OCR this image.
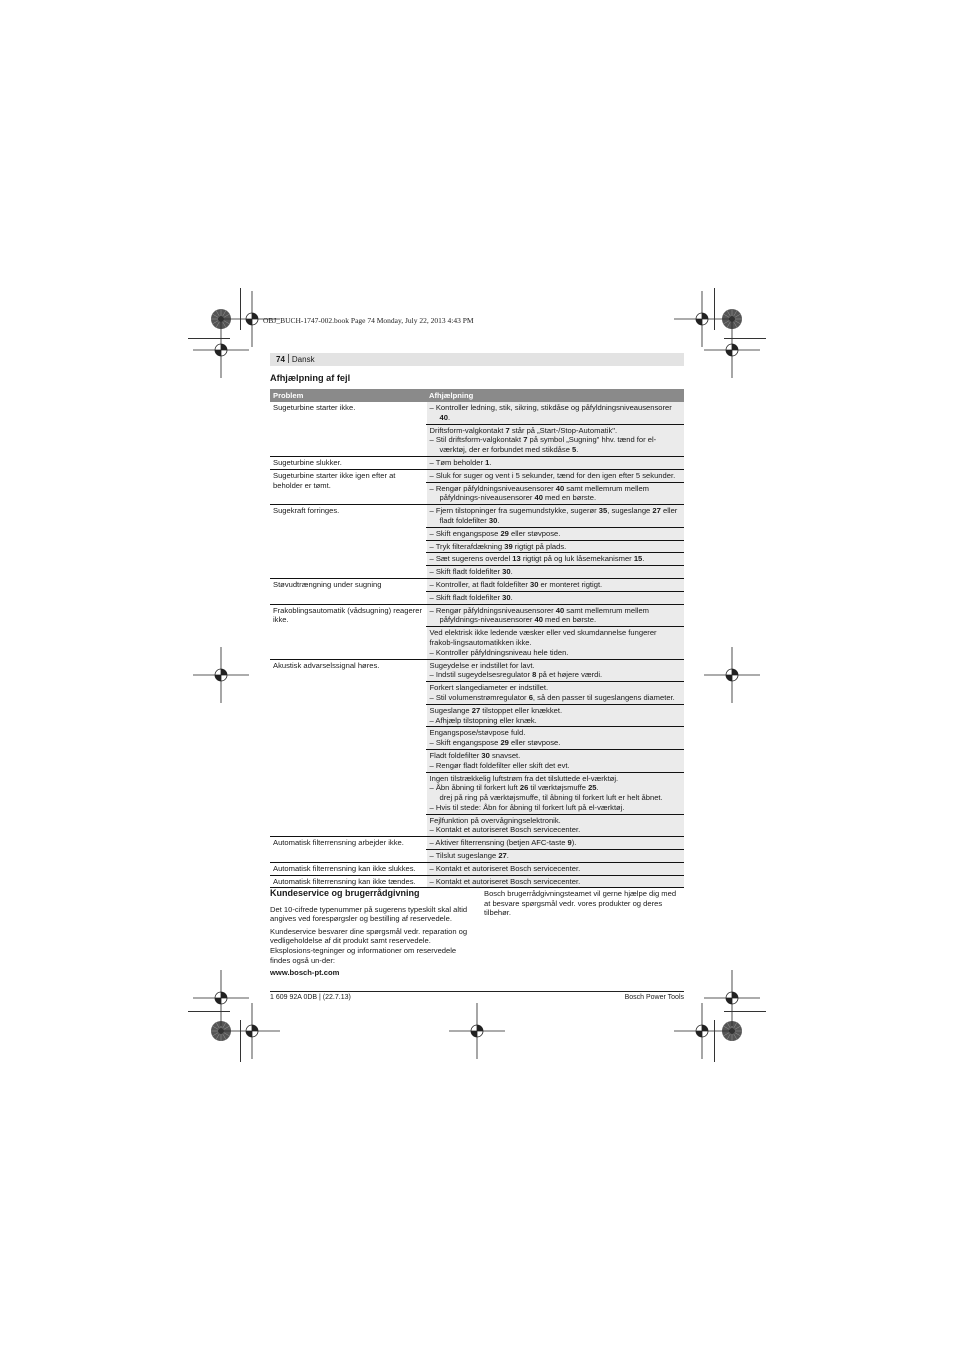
OBJ_BUCH-1747-002.book Page 74 Monday, July 22, 2013 4:43 PM
74 Dansk
Afhjælpning af fejl
Problem	Afhjælpning
Sugeturbine starter ikke.	– Kontroller ledning, stik, sikring, stikdåse og påfyldningsniveausensorer 40.

	Driftsform-valgkontakt 7 står på „Start-/Stop-Automatik".
– Stil driftsform-valgkontakt 7 på symbol „Sugning" hhv. tænd for el-værktøj, der er forbundet med stikdåse 5.

Sugeturbine slukker.	– Tøm beholder 1.

Sugeturbine starter ikke igen efter at beholder er tømt.	– Sluk for suger og vent i 5 sekunder, tænd for den igen efter 5 sekunder.

	– Rengør påfyldningsniveausensorer 40 samt mellemrum mellem påfyldnings-niveausensorer 40 med en børste.

Sugekraft forringes.	– Fjern tilstopninger fra sugemundstykke, sugerør 35, sugeslange 27 eller fladt foldefilter 30.

	– Skift engangspose 29 eller støvpose.

	– Tryk filterafdækning 39 rigtigt på plads.

	– Sæt sugerens overdel 13 rigtigt på og luk låsemekanismer 15.

	– Skift fladt foldefilter 30.

Støvudtrængning under sugning	– Kontroller, at fladt foldefilter 30 er monteret rigtigt.

	– Skift fladt foldefilter 30.

Frakoblingsautomatik (vådsugning) reagerer ikke.	– Rengør påfyldningsniveausensorer 40 samt mellemrum mellem påfyldnings-niveausensorer 40 med en børste.

	Ved elektrisk ikke ledende væsker eller ved skumdannelse fungerer frakob-lingsautomatikken ikke.
– Kontroller påfyldningsniveau hele tiden.

Akustisk advarselssignal høres.	Sugeydelse er indstillet for lavt.
– Indstil sugeydelsesregulator 8 på et højere værdi.

	Forkert slangediameter er indstillet.
– Stil volumenstrømregulator 6, så den passer til sugeslangens diameter.

	Sugeslange 27 tilstoppet eller knækket.
– Afhjælp tilstopning eller knæk.

	Engangspose/støvpose fuld.
– Skift engangspose 29 eller støvpose.

	Fladt foldefilter 30 snavset.
– Rengør fladt foldefilter eller skift det evt.

	Ingen tilstrækkelig luftstrøm fra det tilsluttede el-værktøj.
– Åbn åbning til forkert luft 26 til værktøjsmuffe 25.
drej på ring på værktøjsmuffe, til åbning til forkert luft er helt åbnet.
– Hvis til stede: Åbn for åbning til forkert luft på el-værktøj.

	Fejlfunktion på overvågningselektronik.
– Kontakt et autoriseret Bosch servicecenter.

Automatisk filterrensning arbejder ikke.	– Aktiver filterrensning (betjen AFC-taste 9).

	– Tilslut sugeslange 27.

Automatisk filterrensning kan ikke slukkes.	– Kontakt et autoriseret Bosch servicecenter.

Automatisk filterrensning kan ikke tændes.	– Kontakt et autoriseret Bosch servicecenter.
Kundeservice og brugerrådgivning

Det 10-cifrede typenummer på sugerens typeskilt skal altid angives ved forespørgsler og bestilling af reservedele.

Kundeservice besvarer dine spørgsmål vedr. reparation og vedligeholdelse af dit produkt samt reservedele. Eksplosions-tegninger og informationer om reservedele findes også un-der:

www.bosch-pt.com

Bosch brugerrådgivningsteamet vil gerne hjælpe dig med at besvare spørgsmål vedr. vores produkter og deres tilbehør.

1 609 92A 0DB | (22.7.13)	Bosch Power Tools
